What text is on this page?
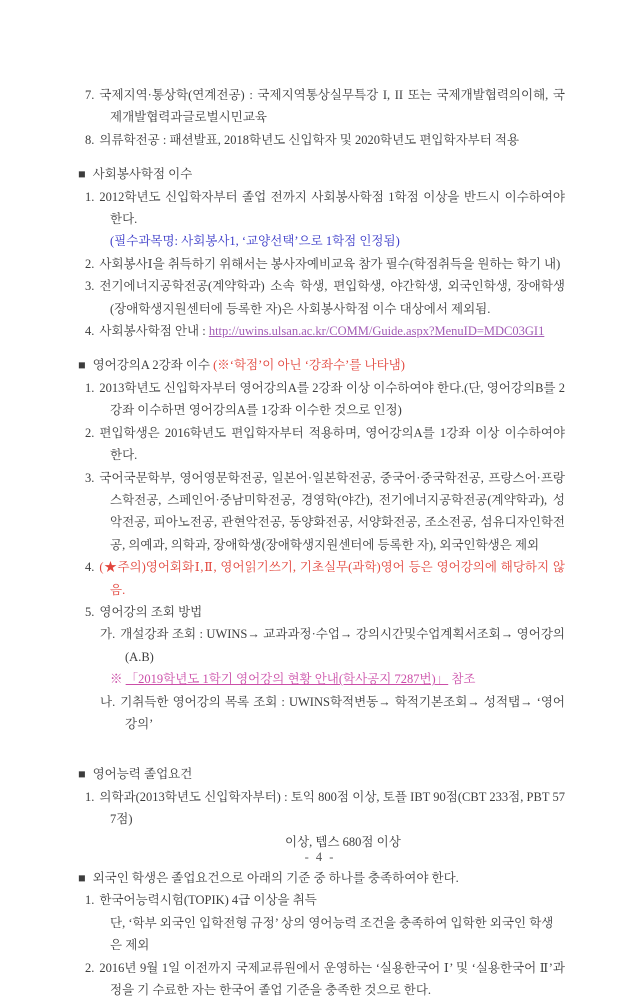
7. 국제지역·통상학(연계전공) : 국제지역통상실무특강 I, II 또는 국제개발협력의이해, 국제개발협력과글로벌시민교육
8. 의류학전공 : 패션발표, 2018학년도 신입학자 및 2020학년도 편입학자부터 적용
■ 사회봉사학점 이수
1. 2012학년도 신입학자부터 졸업 전까지 사회봉사학점 1학점 이상을 반드시 이수하여야 한다.
(필수과목명: 사회봉사1, ‘교양선택’으로 1학점 인정됨)
2. 사회봉사Ⅰ을 취득하기 위해서는 봉사자예비교육 참가 필수(학점취득을 원하는 학기 내)
3. 전기에너지공학전공(계약학과) 소속 학생, 편입학생, 야간학생, 외국인학생, 장애학생(장애학생지원센터에 등록한 자)은 사회봉사학점 이수 대상에서 제외됨.
4. 사회봉사학점 안내 : http://uwins.ulsan.ac.kr/COMM/Guide.aspx?MenuID=MDC03GI1
■ 영어강의A 2강좌 이수 (※‘학점’이 아닌 ‘강좌수’를 나타냄)
1. 2013학년도 신입학자부터 영어강의A를 2강좌 이상 이수하여야 한다.(단, 영어강의B를 2강좌 이수하면 영어강의A를 1강좌 이수한 것으로 인정)
2. 편입학생은 2016학년도 편입학자부터 적용하며, 영어강의A를 1강좌 이상 이수하여야 한다.
3. 국어국문학부, 영어영문학전공, 일본어·일본학전공, 중국어·중국학전공, 프랑스어·프랑스학전공, 스페인어·중남미학전공, 경영학(야간), 전기에너지공학전공(계약학과), 성악전공, 피아노전공, 관현악전공, 동양화전공, 서양화전공, 조소전공, 섬유디자인학전공, 의예과, 의학과, 장애학생(장애학생지원센터에 등록한 자), 외국인학생은 제외
4. (★주의)영어회화Ⅰ,Ⅱ, 영어읽기쓰기, 기초실무(과학)영어 등은 영어강의에 해당하지 않음.
5. 영어강의 조회 방법
가. 개설강좌 조회 : UWINS→ 교과과정·수업→ 강의시간및수업계획서조회→ 영어강의(A.B)
※ 「2019학년도 1학기 영어강의 현황 안내(학사공지 7287번)」 참조
나. 기취득한 영어강의 목록 조회 : UWINS학적변동→ 학적기본조회→ 성적탭→ ‘영어강의’
■ 영어능력 졸업요건
1. 의학과(2013학년도 신입학자부터) : 토익 800점 이상, 토플 IBT 90점(CBT 233점, PBT 577점)
이상, 텝스 680점 이상
■ 외국인 학생은 졸업요건으로 아래의 기준 중 하나를 충족하여야 한다.
1. 한국어능력시험(TOPIK) 4급 이상을 취득
단, ‘학부 외국인 입학전형 규정’ 상의 영어능력 조건을 충족하여 입학한 외국인 학생은 제외
2. 2016년 9월 1일 이전까지 국제교류원에서 운영하는 ‘실용한국어 Ⅰ’ 및 ‘실용한국어 Ⅱ’과정을 기 수료한 자는 한국어 졸업 기준을 충족한 것으로 한다.
- 4 -
